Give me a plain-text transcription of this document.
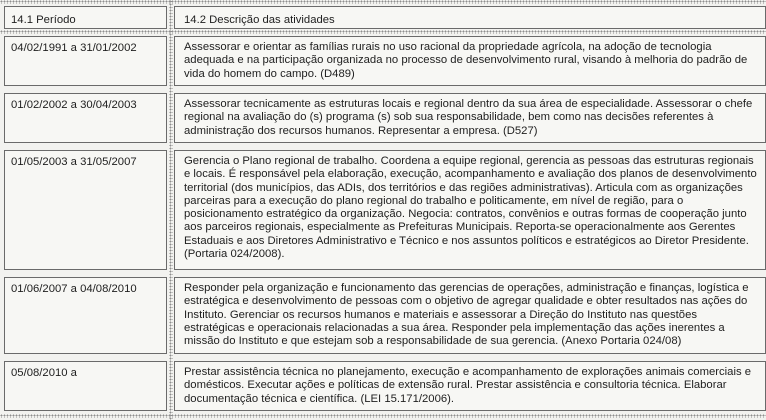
14.1 Período	14.2 Descrição das atividades
04/02/1991 a 31/01/2002	Assessorar e orientar as famílias rurais no uso racional da propriedade agrícola, na adoção de tecnologia adequada e na participação organizada no processo de desenvolvimento rural, visando à melhoria do padrão de vida do homem do campo. (D489)
01/02/2002 a 30/04/2003	Assessorar tecnicamente as estruturas locais e regional dentro da sua área de especialidade. Assessorar o chefe regional na avaliação do (s) programa (s) sob sua responsabilidade, bem como nas decisões referentes à administração dos recursos humanos. Representar a empresa. (D527)
01/05/2003 a 31/05/2007	Gerencia o Plano regional de trabalho. Coordena a equipe regional, gerencia as pessoas das estruturas regionais e locais. É responsável pela elaboração, execução, acompanhamento e avaliação dos planos de desenvolvimento territorial (dos municípios, das ADIs, dos territórios e das regiões administrativas). Articula com as organizações parceiras para a execução do plano regional do trabalho e politicamente, em nível de região, para o posicionamento estratégico da organização. Negocia: contratos, convênios e outras formas de cooperação junto aos parceiros regionais, especialmente as Prefeituras Municipais. Reporta-se operacionalmente aos Gerentes Estaduais e aos Diretores Administrativo e Técnico e nos assuntos políticos e estratégicos ao Diretor Presidente. (Portaria 024/2008).
01/06/2007 a 04/08/2010	Responder pela organização e funcionamento das gerencias de operações, administração e finanças, logística e estratégica e desenvolvimento de pessoas com o objetivo de agregar qualidade e obter resultados nas ações do Instituto. Gerenciar os recursos humanos e materiais e assessorar a Direção do Instituto nas questões estratégicas e operacionais relacionadas a sua área. Responder pela implementação das ações inerentes a missão do Instituto e que estejam sob a responsabilidade de sua gerencia. (Anexo Portaria 024/08)
05/08/2010 a	Prestar assistência técnica no planejamento, execução e acompanhamento de explorações animais comerciais e domésticos. Executar ações e políticas de extensão rural. Prestar assistência e consultoria técnica. Elaborar documentação técnica e científica. (LEI 15.171/2006).
